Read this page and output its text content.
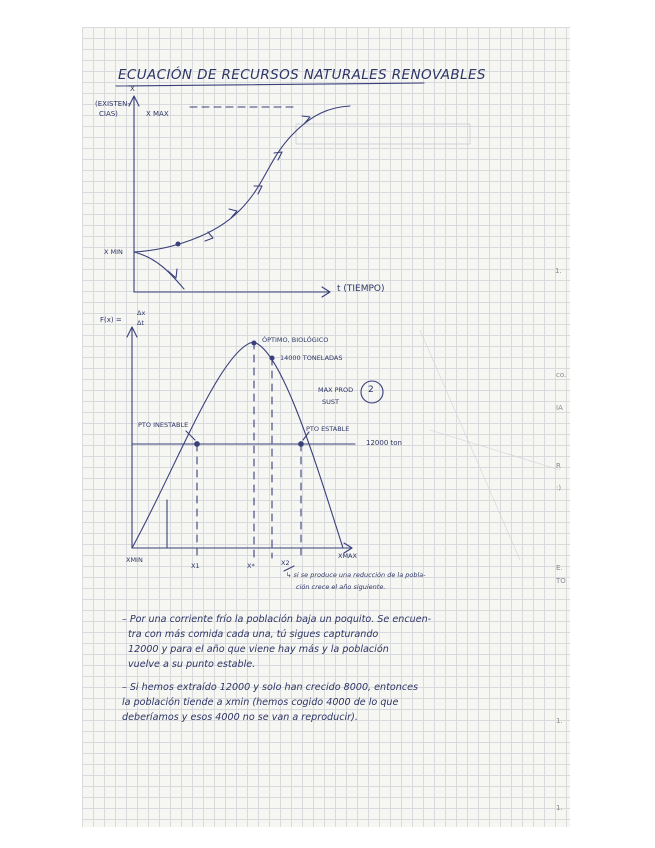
ECUACIÓN DE RECURSOS NATURALES RENOVABLES
(EXISTEN-
CIAS)
X
X MAX
X MIN
t (TIEMPO)
F(x) =
Δx
Δt
ÓPTIMO, BIOLÓGICO
14000 TONELADAS
MAX PROD
SUST
2
PTO INESTABLE	PTO ESTABLE
12000 ton
XMIN	XMAX
X1	X*	X2
↳ si se produce una reducción de la pobla-
ción crece el año siguiente.
– Por una corriente frío la población baja un poquito. Se encuen-
tra con más comida cada una, tú sigues capturando
12000 y para el año que viene hay más y la población
vuelve a su punto estable.
– Si hemos extraído 12000 y solo han crecido 8000, entonces
la población tiende a xmin (hemos cogido 4000 de lo que
deberíamos y esos 4000 no se van a reproducir).
1.
co.
IA
R
:)
E.
TO
1.
1.
